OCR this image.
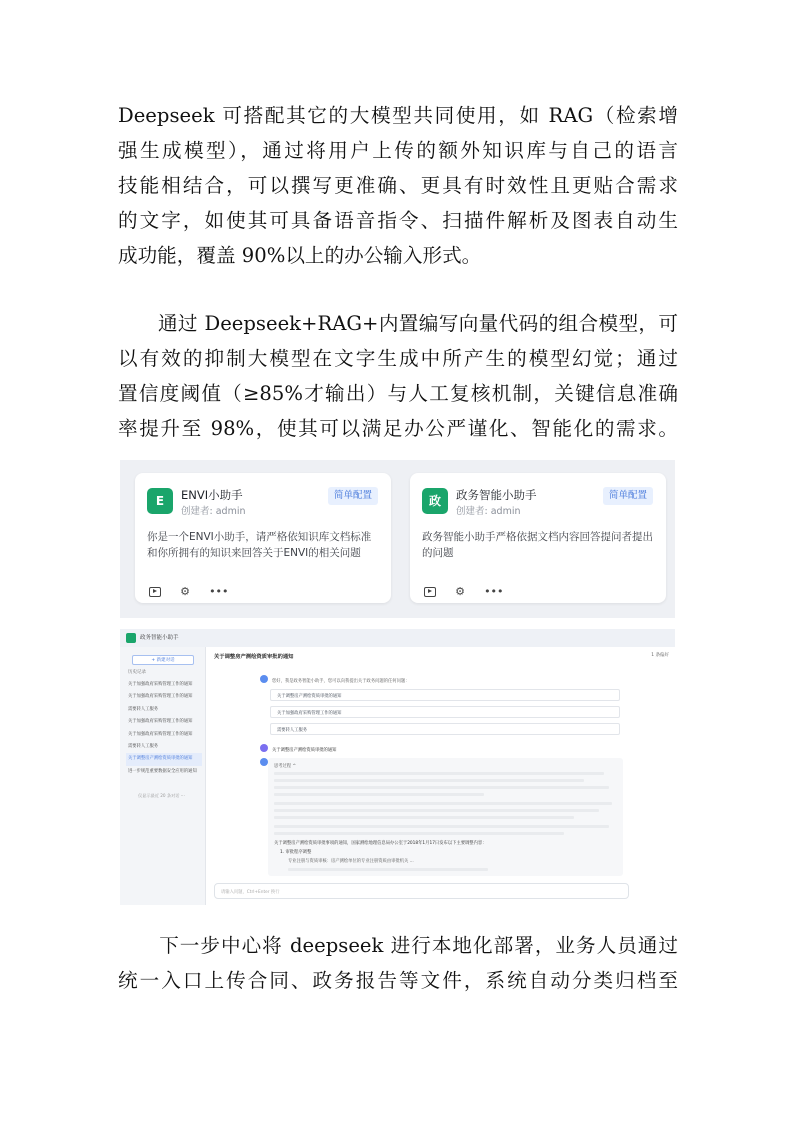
Deepseek 可搭配其它的大模型共同使用，如 RAG（检索增
强生成模型），通过将用户上传的额外知识库与自己的语言
技能相结合，可以撰写更准确、更具有时效性且更贴合需求
的文字，如使其可具备语音指令、扫描件解析及图表自动生
成功能，覆盖 90%以上的办公输入形式。
　　通过 Deepseek+RAG+内置编写向量代码的组合模型，可
以有效的抑制大模型在文字生成中所产生的模型幻觉；通过
置信度阈值（≥85%才输出）与人工复核机制，关键信息准确
率提升至 98%，使其可以满足办公严谨化、智能化的需求。
E	ENVI小助手
创建者: admin
简单配置
你是一个ENVI小助手，请严格依知识库文档标准和你所拥有的知识来回答关于ENVI的相关问题
⚙ •••
政	政务智能小助手
创建者: admin
简单配置
政务智能小助手严格依据文档内容回答提问者提出的问题
⚙ •••
政务智能小助手
+ 新建对话
历史记录
关于加强政府采购管理工作的通知
关于加强政府采购管理工作的通知
需要转人工服务
关于加强政府采购管理工作的通知
关于加强政府采购管理工作的通知
需要转人工服务
关于调整房产测绘资质审批的通知
进一步规范重要数据安全应用的通知
仅显示最近 20 条对话 ···
关于调整房产测绘资质审批的通知	1 条偏好
您好，我是政务智能小助手，您可以向我提出关于政务问题的任何问题：
关于调整房产测绘资质审批的通知
关于加强政府采购管理工作的通知
需要转人工服务
关于调整房产测绘资质审批的通知
思考过程 ^
关于调整房产测绘资质审批事项的通知，国家测绘地理信息局办公室于2018年1月17日发布以下主要调整内容：
1. 审批程序调整
专业注册与资质审核：房产测绘单位的专业注册资质由审批机关 ...
请输入问题，Ctrl+Enter 换行
　　下一步中心将 deepseek 进行本地化部署，业务人员通过
统一入口上传合同、政务报告等文件，系统自动分类归档至
